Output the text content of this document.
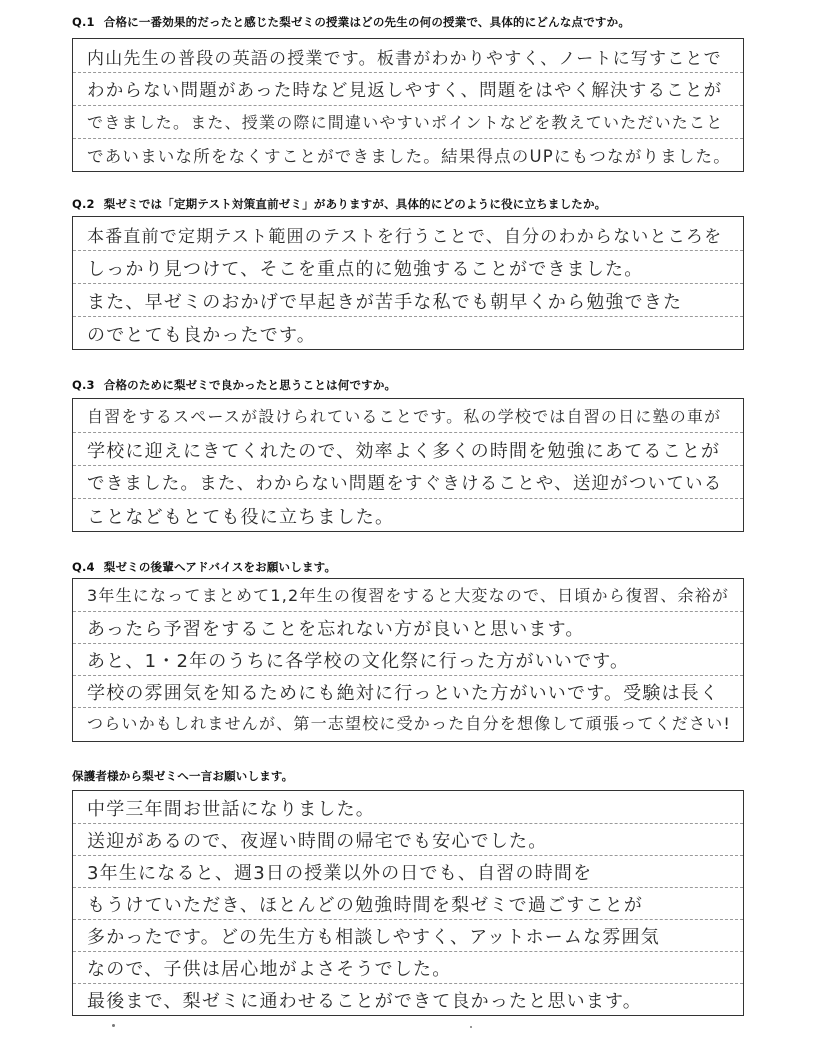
Q.1 合格に一番効果的だったと感じた梨ゼミの授業はどの先生の何の授業で、具体的にどんな点ですか。
内山先生の普段の英語の授業です。板書がわかりやすく、ノートに写すことで
わからない問題があった時など見返しやすく、問題をはやく解決することが
できました。また、授業の際に間違いやすいポイントなどを教えていただいたこと
であいまいな所をなくすことができました。結果得点のUPにもつながりました。
Q.2 梨ゼミでは「定期テスト対策直前ゼミ」がありますが、具体的にどのように役に立ちましたか。
本番直前で定期テスト範囲のテストを行うことで、自分のわからないところを
しっかり見つけて、そこを重点的に勉強することができました。
また、早ゼミのおかげで早起きが苦手な私でも朝早くから勉強できた
のでとても良かったです。
Q.3 合格のために梨ゼミで良かったと思うことは何ですか。
自習をするスペースが設けられていることです。私の学校では自習の日に塾の車が
学校に迎えにきてくれたので、効率よく多くの時間を勉強にあてることが
できました。また、わからない問題をすぐきけることや、送迎がついている
ことなどもとても役に立ちました。
Q.4 梨ゼミの後輩へアドバイスをお願いします。
3年生になってまとめて1,2年生の復習をすると大変なので、日頃から復習、余裕が
あったら予習をすることを忘れない方が良いと思います。
あと、1・2年のうちに各学校の文化祭に行った方がいいです。
学校の雰囲気を知るためにも絶対に行っといた方がいいです。受験は長く
つらいかもしれませんが、第一志望校に受かった自分を想像して頑張ってください!
保護者様から梨ゼミへ一言お願いします。
中学三年間お世話になりました。
送迎があるので、夜遅い時間の帰宅でも安心でした。
3年生になると、週3日の授業以外の日でも、自習の時間を
もうけていただき、ほとんどの勉強時間を梨ゼミで過ごすことが
多かったです。どの先生方も相談しやすく、アットホームな雰囲気
なので、子供は居心地がよさそうでした。
最後まで、梨ゼミに通わせることができて良かったと思います。
